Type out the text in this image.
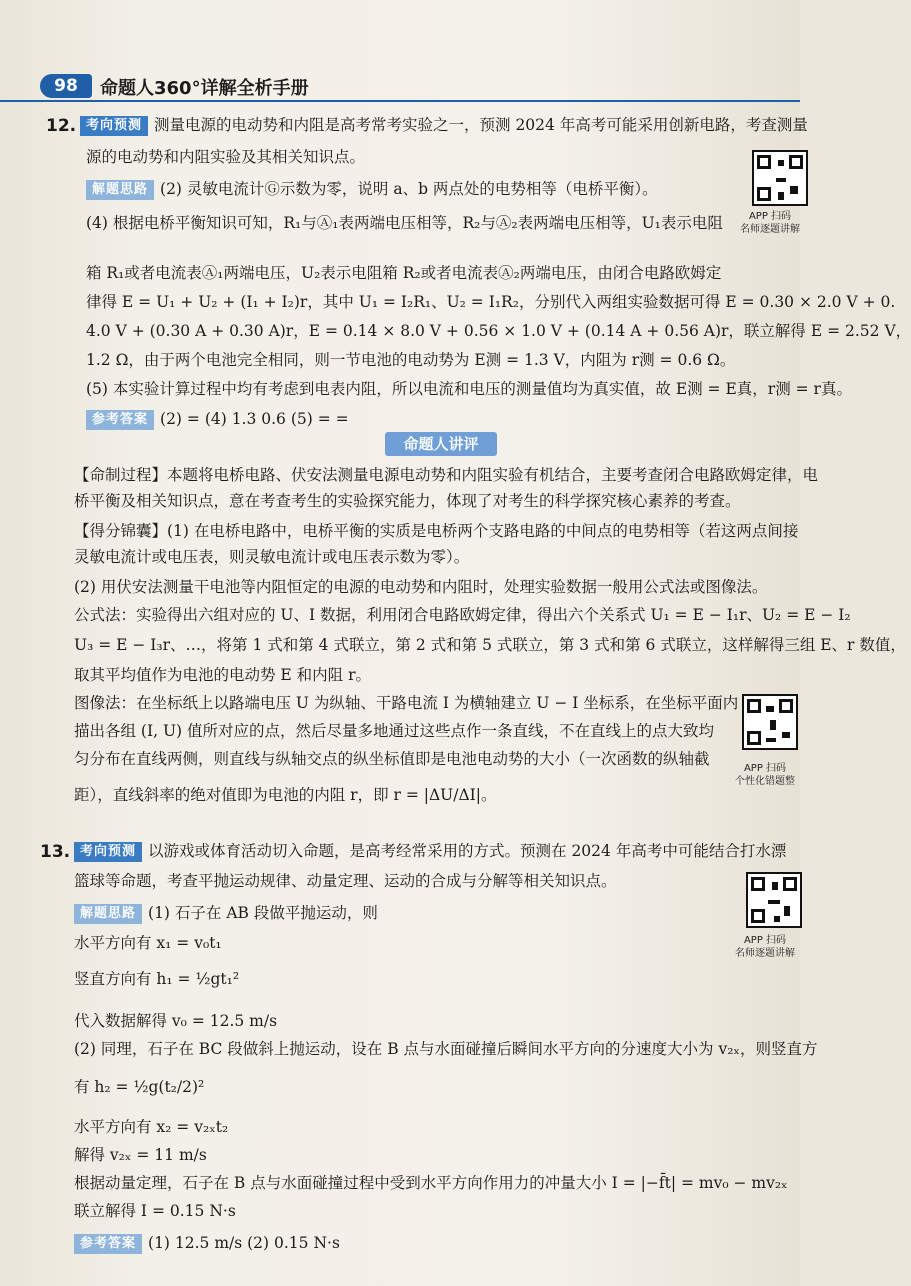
98	命题人360°详解全析手册
12. 考向预测 测量电源的电动势和内阻是高考常考实验之一，预测 2024 年高考可能采用创新电路，考查测量
源的电动势和内阻实验及其相关知识点。
解题思路 (2) 灵敏电流计Ⓖ示数为零，说明 a、b 两点处的电势相等（电桥平衡）。
(4) 根据电桥平衡知识可知，R₁与Ⓐ₁表两端电压相等，R₂与Ⓐ₂表两端电压相等，U₁表示电阻
箱 R₁或者电流表Ⓐ₁两端电压，U₂表示电阻箱 R₂或者电流表Ⓐ₂两端电压，由闭合电路欧姆定
律得 E = U₁ + U₂ + (I₁ + I₂)r，其中 U₁ = I₂R₁、U₂ = I₁R₂，分别代入两组实验数据可得 E = 0.30 × 2.0 V + 0.
4.0 V + (0.30 A + 0.30 A)r，E = 0.14 × 8.0 V + 0.56 × 1.0 V + (0.14 A + 0.56 A)r，联立解得 E = 2.52 V，
1.2 Ω，由于两个电池完全相同，则一节电池的电动势为 E测 = 1.3 V，内阻为 r测 = 0.6 Ω。
(5) 本实验计算过程中均有考虑到电表内阻，所以电流和电压的测量值均为真实值，故 E测 = E真，r测 = r真。
参考答案 (2) = (4) 1.3 0.6 (5) = =
APP 扫码
名师逐题讲解
命题人讲评
【命制过程】本题将电桥电路、伏安法测量电源电动势和内阻实验有机结合，主要考查闭合电路欧姆定律，电
桥平衡及相关知识点，意在考查考生的实验探究能力，体现了对考生的科学探究核心素养的考查。
【得分锦囊】(1) 在电桥电路中，电桥平衡的实质是电桥两个支路电路的中间点的电势相等（若这两点间接
灵敏电流计或电压表，则灵敏电流计或电压表示数为零）。
(2) 用伏安法测量干电池等内阻恒定的电源的电动势和内阻时，处理实验数据一般用公式法或图像法。
公式法：实验得出六组对应的 U、I 数据，利用闭合电路欧姆定律，得出六个关系式 U₁ = E − I₁r、U₂ = E − I₂
U₃ = E − I₃r、…，将第 1 式和第 4 式联立，第 2 式和第 5 式联立，第 3 式和第 6 式联立，这样解得三组 E、r 数值，
取其平均值作为电池的电动势 E 和内阻 r。
图像法：在坐标纸上以路端电压 U 为纵轴、干路电流 I 为横轴建立 U − I 坐标系，在坐标平面内
描出各组 (I, U) 值所对应的点，然后尽量多地通过这些点作一条直线，不在直线上的点大致均
匀分布在直线两侧，则直线与纵轴交点的纵坐标值即是电池电动势的大小（一次函数的纵轴截
距），直线斜率的绝对值即为电池的内阻 r，即 r = |ΔU/ΔI|。
APP 扫码
个性化错题整
13. 考向预测 以游戏或体育活动切入命题，是高考经常采用的方式。预测在 2024 年高考中可能结合打水漂
篮球等命题，考查平抛运动规律、动量定理、运动的合成与分解等相关知识点。
解题思路 (1) 石子在 AB 段做平抛运动，则
水平方向有 x₁ = v₀t₁
竖直方向有 h₁ = ½gt₁²
代入数据解得 v₀ = 12.5 m/s
(2) 同理，石子在 BC 段做斜上抛运动，设在 B 点与水面碰撞后瞬间水平方向的分速度大小为 v₂ₓ，则竖直方
有 h₂ = ½g(t₂/2)²
水平方向有 x₂ = v₂ₓt₂
解得 v₂ₓ = 11 m/s
根据动量定理，石子在 B 点与水面碰撞过程中受到水平方向作用力的冲量大小 I = |−f̄t| = mv₀ − mv₂ₓ
联立解得 I = 0.15 N·s
参考答案 (1) 12.5 m/s (2) 0.15 N·s
APP 扫码
名师逐题讲解
